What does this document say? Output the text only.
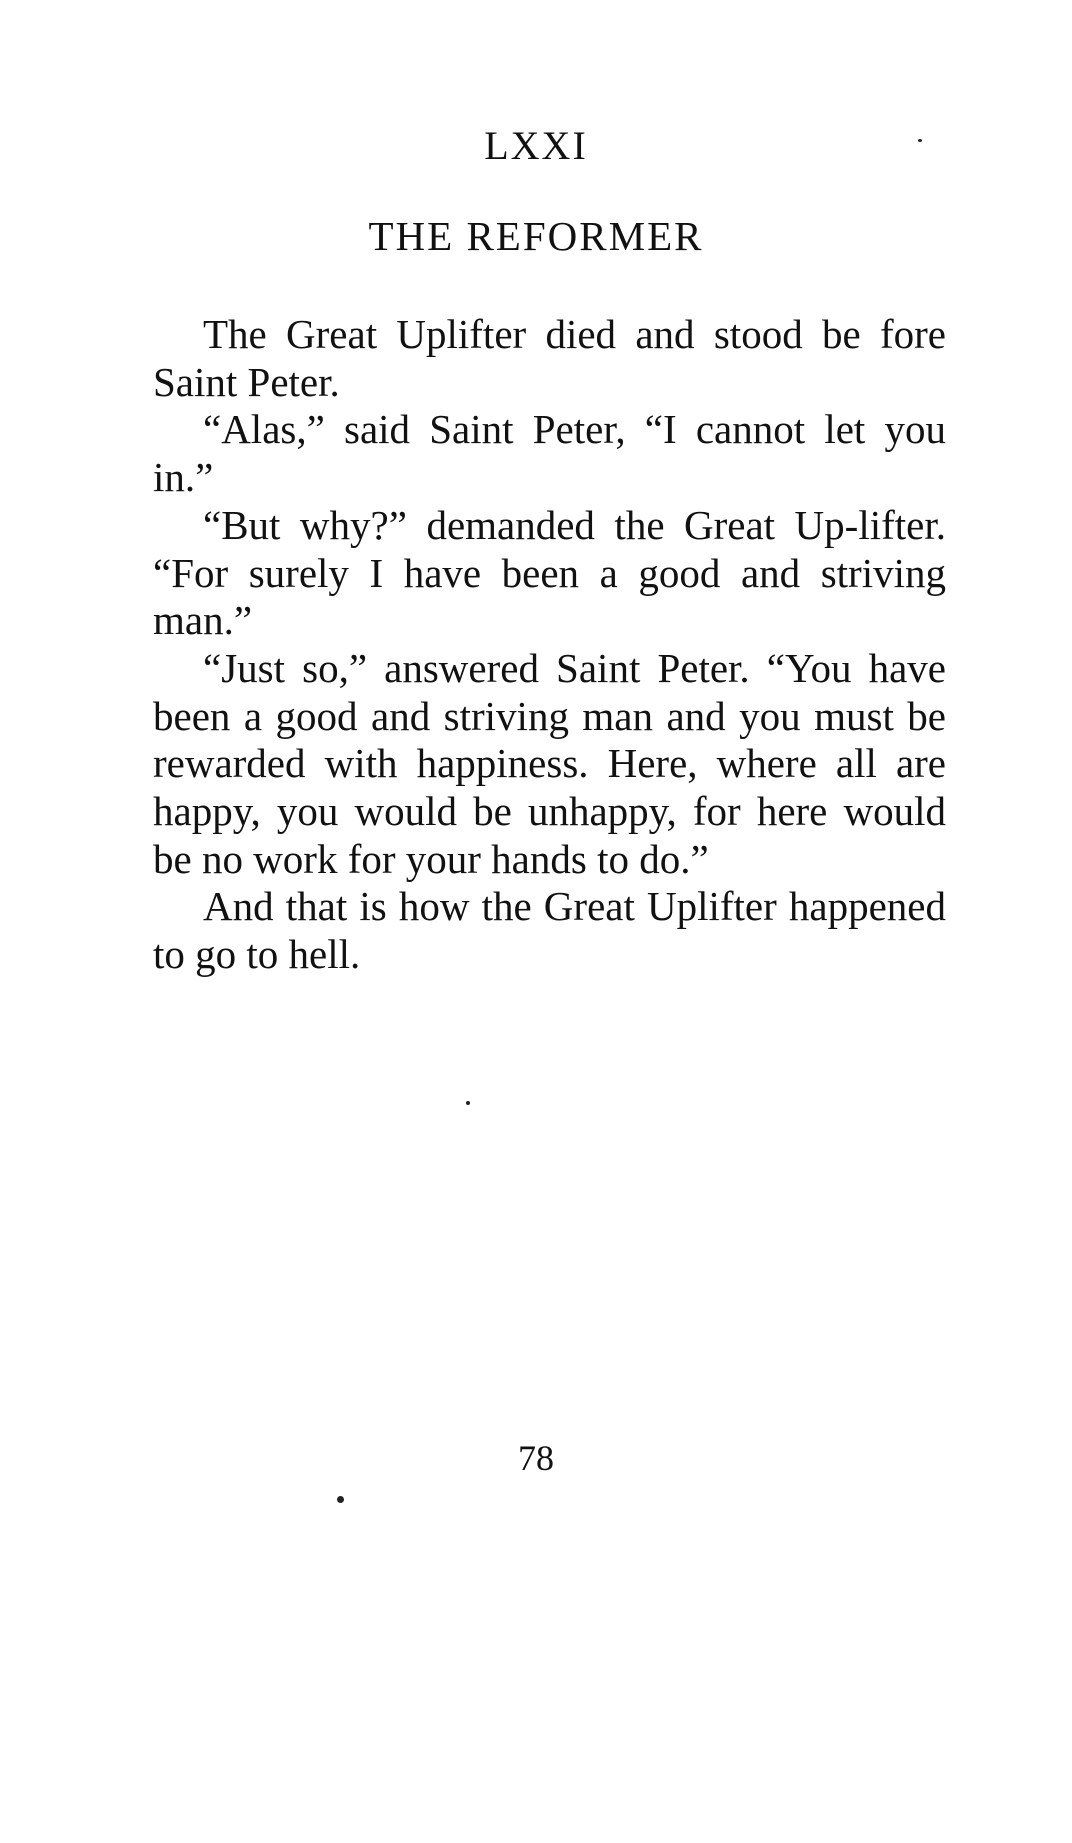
LXXI
THE REFORMER

The Great Uplifter died and stood be fore Saint Peter.

“Alas,” said Saint Peter, “I cannot let you in.”

“But why?” demanded the Great Up-lifter. “For surely I have been a good and striving man.”

“Just so,” answered Saint Peter. “You have been a good and striving man and you must be rewarded with happiness. Here, where all are happy, you would be unhappy, for here would be no work for your hands to do.”

And that is how the Great Uplifter happened to go to hell.

78
